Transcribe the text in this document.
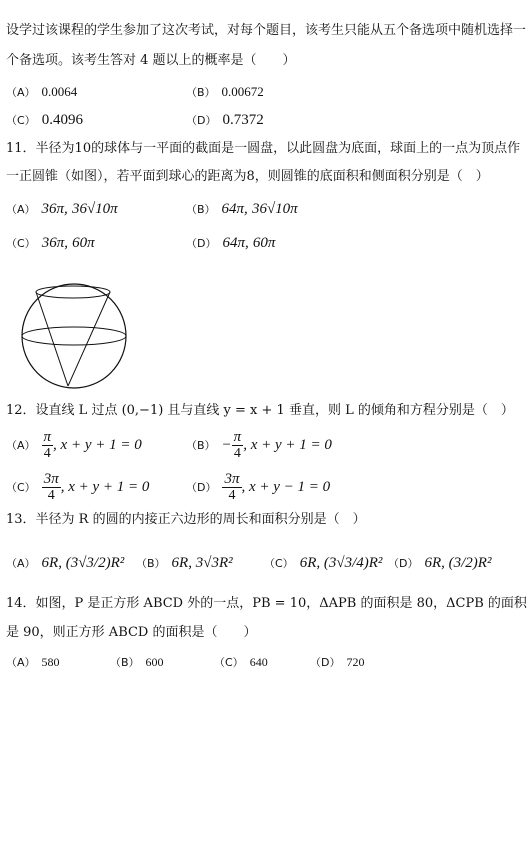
设学过该课程的学生参加了这次考试，对每个题目，该考生只能从五个备选项中随机选择一
个备选项。该考生答对 4 题以上的概率是（　　）
（A） 0.0064	（B） 0.00672
（C） 0.4096	（D） 0.7372
11．半径为10的球体与一平面的截面是一圆盘，以此圆盘为底面，球面上的一点为顶点作
一正圆锥（如图），若平面到球心的距离为8，则圆锥的底面积和侧面积分别是（　）
（A） 36π, 36√10π	（B） 64π, 36√10π
（C） 36π, 60π	（D） 64π, 60π
12．设直线 L 过点 (0,−1) 且与直线 y = x + 1 垂直，则 L 的倾角和方程分别是（　）
$(A) \frac{\pi}{4}$ , x + y + 1 = 0	$(B) - \frac{\pi}{4}$ , x + y + 1 = 0
$(C) \frac{3\pi}{4}$ , x + y + 1 = 0	$(D) \frac{3\pi}{4}$ , x + y − 1 = 0
13．半径为 R 的圆的内接正六边形的周长和面积分别是（　）
（A） 6R, (3√3/2)R² （B） 6R, 3√3R²	（C） 6R, (3√3/4)R² （D） 6R, (3/2)R²
14．如图，P 是正方形 ABCD 外的一点，PB = 10，ΔAPB 的面积是 80，ΔCPB 的面积
是 90，则正方形 ABCD 的面积是（　　）
（A） 580	（B） 600	（C） 640	（D） 720
